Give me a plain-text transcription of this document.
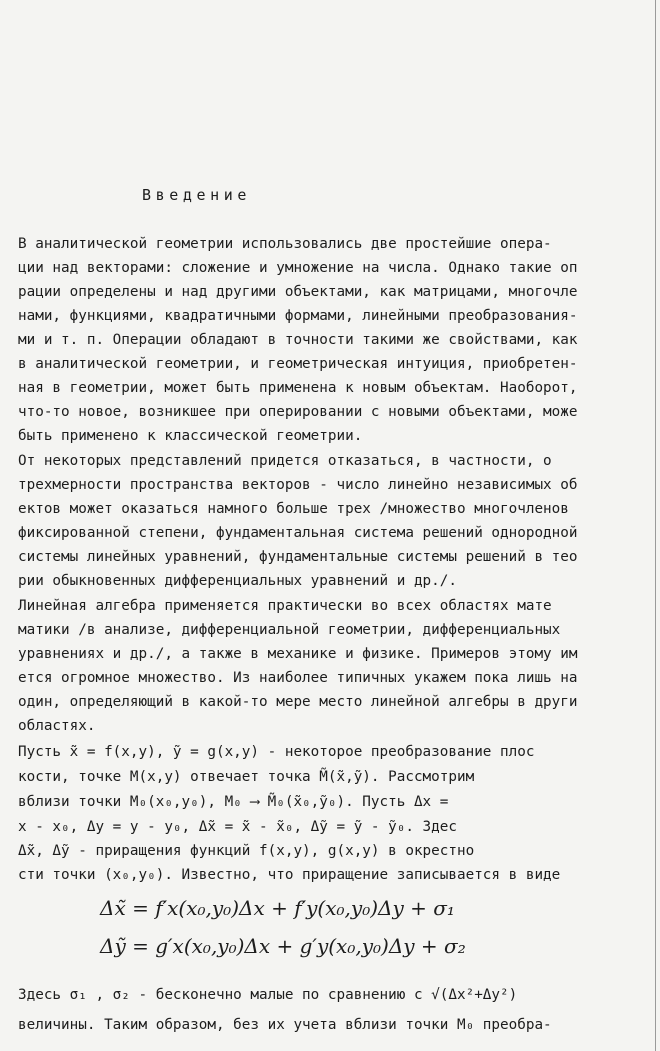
Введение
В аналитической геометрии использовались две простейшие опера-
ции над векторами: сложение и умножение на числа. Однако такие оп
рации определены и над другими объектами, как матрицами, многочле
нами, функциями, квадратичными формами, линейными преобразования-
ми и т. п. Операции обладают в точности такими же свойствами, как
в аналитической геометрии, и геометрическая интуиция, приобретен-
ная в геометрии, может быть применена к новым объектам. Наоборот,
что-то новое, возникшее при оперировании с новыми объектами, може
быть применено к классической геометрии.
От некоторых представлений придется отказаться, в частности, о
трехмерности пространства векторов - число линейно независимых об
ектов может оказаться намного больше трех /множество многочленов
фиксированной степени, фундаментальная система решений однородной
системы линейных уравнений, фундаментальные системы решений в тео
рии обыкновенных дифференциальных уравнений и др./.
Линейная алгебра применяется практически во всех областях мате
матики /в анализе, дифференциальной геометрии, дифференциальных
уравнениях и др./, а также в механике и физике. Примеров этому им
ется огромное множество. Из наиболее типичных укажем пока лишь на
один, определяющий в какой-то мере место линейной алгебры в други
областях.
Пусть x̃ = f(x,y), ỹ = g(x,y) - некоторое преобразование плос
кости, точке M(x,y) отвечает точка M̃(x̃,ỹ). Рассмотрим
вблизи точки M₀(x₀,y₀), M₀ ⟶ M̃₀(x̃₀,ỹ₀). Пусть Δx =
x - x₀, Δy = y - y₀, Δx̃ = x̃ - x̃₀, Δỹ = ỹ - ỹ₀. Здес
Δx̃, Δỹ - приращения функций f(x,y), g(x,y) в окрестно
сти точки (x₀,y₀). Известно, что приращение записывается в виде
Δx̃ = f′x(x₀,y₀)Δx + f′y(x₀,y₀)Δy + σ₁
Δỹ = g′x(x₀,y₀)Δx + g′y(x₀,y₀)Δy + σ₂
Здесь σ₁ , σ₂ - бесконечно малые по сравнению с √(Δx²+Δy²)
величины. Таким образом, без их учета вблизи точки M₀ преобра-
